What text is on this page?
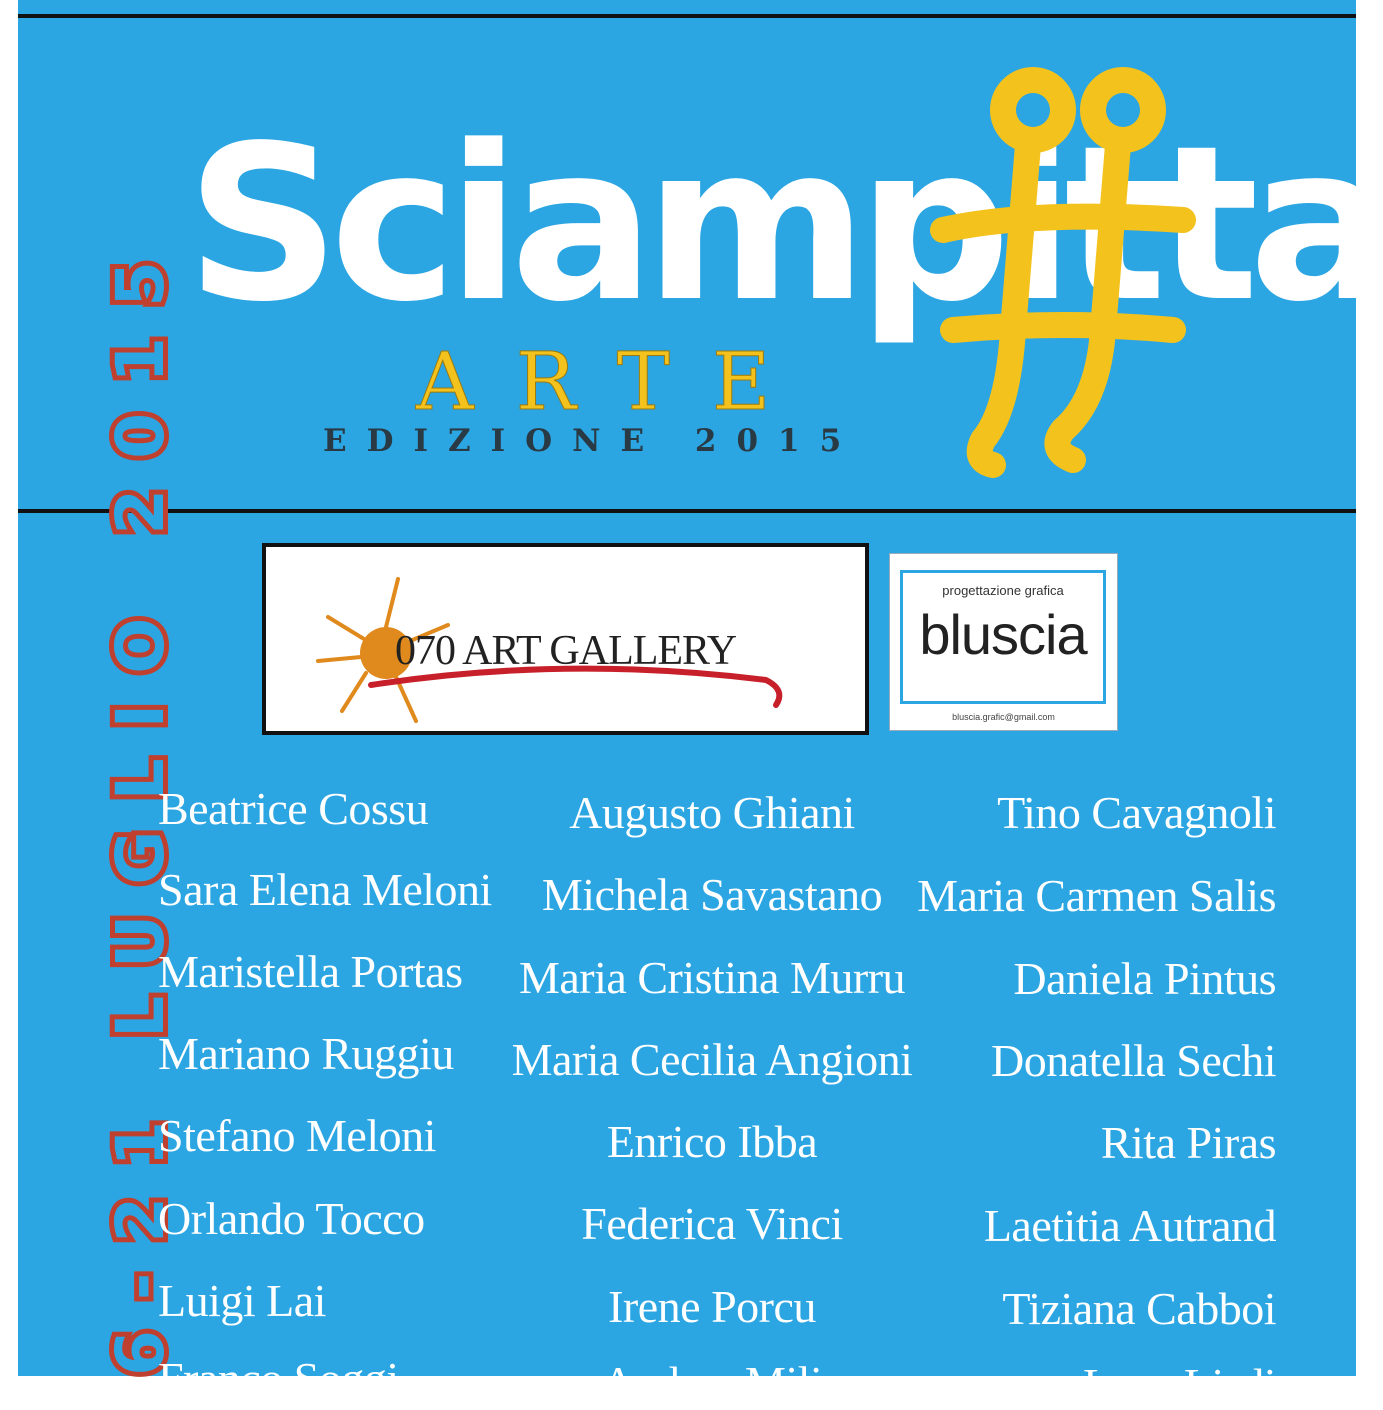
6-21 LUGLIO 2015
Sciampitta
ARTE
EDIZIONE 2015
070 ART GALLERY
progettazione grafica
bluscia
bluscia.grafic@gmail.com
Beatrice Cossu
Sara Elena Meloni
Maristella Portas
Mariano Ruggiu
Stefano Meloni
Orlando Tocco
Luigi Lai
Franco Soggi
Augusto Ghiani
Michela Savastano
Maria Cristina Murru
Maria Cecilia Angioni
Enrico Ibba
Federica Vinci
Irene Porcu
Andrea Mili
Tino Cavagnoli
Maria Carmen Salis
Daniela Pintus
Donatella Sechi
Rita Piras
Laetitia Autrand
Tiziana Cabboi
Luca Lisdi
